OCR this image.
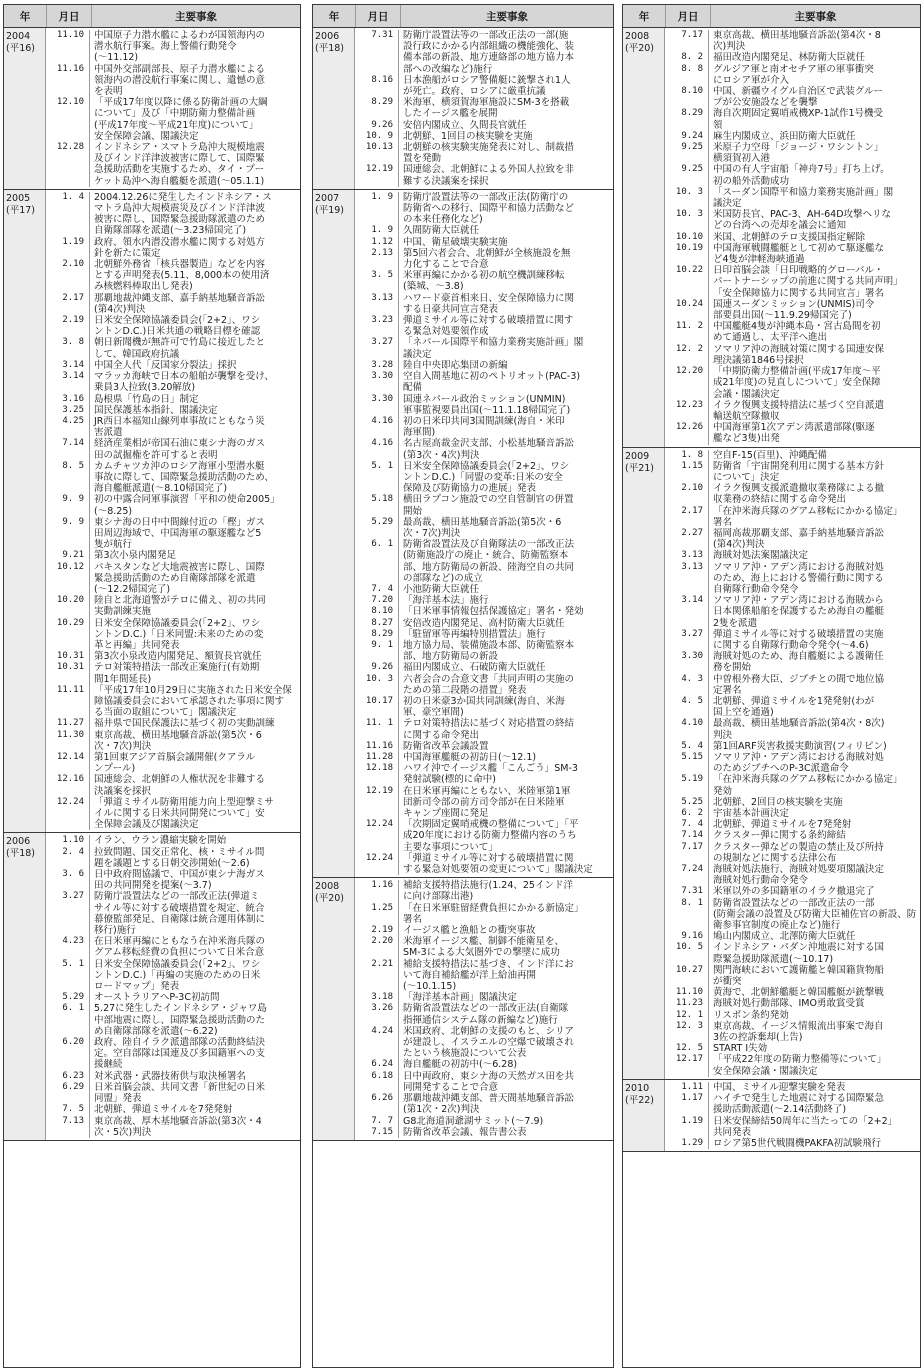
年	月日	主要事象
2004
(平16)
11.10	中国原子力潜水艦によるわが国領海内の
潜水航行事案。海上警備行動発令
(～11.12)
11.16	中国外交部副部長、原子力潜水艦による
領海内の潜没航行事案に関し、遺憾の意
を表明
12.10	「平成17年度以降に係る防衛計画の大綱
について」及び「中期防衛力整備計画
(平成17年度～平成21年度)について」
安全保障会議、閣議決定
12.28	インドネシア・スマトラ島沖大規模地震
及びインド洋津波被害に際して、国際緊
急援助活動を実施するため、タイ・プー
ケット島沖へ海自艦艇を派遣(～05.1.1)
2005
(平17)
1. 4	2004.12.26に発生したインドネシア・ス
マトラ島沖大規模震災及びインド洋津波
被害に際し、国際緊急援助隊派遣のため
自衛隊部隊を派遣(～3.23帰国完了)
1.19	政府、領水内潜没潜水艦に関する対処方
針を新たに策定
2.10	北朝鮮外務省「核兵器製造」などを内容
とする声明発表(5.11、8,000本の使用済
み核燃料棒取出し発表)
2.17	那覇地裁沖縄支部、嘉手納基地騒音訴訟
(第4次)判決
2.19	日米安全保障協議委員会(「2+2」、ワシ
ントンD.C.)日米共通の戦略目標を確認
3. 8	朝日新聞機が無許可で竹島に接近したと
して、韓国政府抗議
3.14	中国全人代「反国家分裂法」採択
3.14	マラッカ海峡で日本の船舶が襲撃を受け、
乗員3人拉致(3.20解放)
3.16	島根県「竹島の日」制定
3.25	国民保護基本指針、閣議決定
4.25	JR西日本福知山線列車事故にともなう災
害派遣
7.14	経済産業相が帝国石油に東シナ海のガス
田の試掘権を許可すると表明
8. 5	カムチャツカ沖のロシア海軍小型潜水艇
事故に際して、国際緊急援助活動のため、
海自艦艇派遣(～8.10帰国完了)
9. 9	初の中露合同軍事演習「平和の使命2005」
(～8.25)
9. 9	東シナ海の日中中間線付近の「樫」ガス
田周辺海域で、中国海軍の駆逐艦など5
隻が航行
9.21	第3次小泉内閣発足
10.12	パキスタンなど大地震被害に際し、国際
緊急援助活動のため自衛隊部隊を派遣
(～12.2帰国完了)
10.20	陸自と北海道警がテロに備え、初の共同
実動訓練実施
10.29	日米安全保障協議委員会(「2+2」、ワシ
ントンD.C.)「日米同盟:未来のための変
革と再編」共同発表
10.31	第3次小泉改造内閣発足、額賀長官就任
10.31	テロ対策特措法一部改正案施行(有効期
間1年間延長)
11.11	「平成17年10月29日に実施された日米安全保
障協議委員会において承認された事項に関す
る当面の取組について」閣議決定
11.27	福井県で国民保護法に基づく初の実動訓練
11.30	東京高裁、横田基地騒音訴訟(第5次・6
次・7次)判決
12.14	第1回東アジア首脳会議開催(クアラル
ンプール)
12.16	国連総会、北朝鮮の人権状況を非難する
決議案を採択
12.24	「弾道ミサイル防衛用能力向上型迎撃ミサ
イルに関する日米共同開発について」安
全保障会議及び閣議決定
2006
(平18)
1.10	イラン、ウラン濃縮実験を開始
2. 4	拉致問題、国交正常化、核・ミサイル問
題を議題とする日朝交渉開始(～2.6)
3. 6	日中政府間協議で、中国が東シナ海ガス
田の共同開発を提案(～3.7)
3.27	防衛庁設置法などの一部改正法(弾道ミ
サイル等に対する破壊措置を規定、統合
幕僚監部発足、自衛隊は統合運用体制に
移行)施行
4.23	在日米軍再編にともなう在沖米海兵隊の
グアム移転経費の負担について日米合意
5. 1	日米安全保障協議委員会(「2+2」、ワシ
ントンD.C.)「再編の実施のための日米
ロードマップ」発表
5.29	オーストラリアへP-3C初訪問
6. 1	5.27に発生したインドネシア・ジャワ島
中部地震に際し、国際緊急援助活動のた
め自衛隊部隊を派遣(～6.22)
6.20	政府、陸自イラク派遣部隊の活動終結決
定。空自部隊は国連及び多国籍軍への支
援継続
6.23	対米武器・武器技術供与取決極署名
6.29	日米首脳会談、共同文書「新世紀の日米
同盟」発表
7. 5	北朝鮮、弾道ミサイルを7発発射
7.13	東京高裁、厚木基地騒音訴訟(第3次・4
次・5次)判決
年	月日	主要事象
2006
(平18)
7.31	防衛庁設置法等の一部改正法の一部(施
設行政にかかる内部組織の機能強化、装
備本部の新設、地方連絡部の地方協力本
部への改編など)施行
8.16	日本漁船がロシア警備艇に銃撃され1人
が死亡。政府、ロシアに厳重抗議
8.29	米海軍、横須賀海軍施設にSM-3を搭載
したイージス艦を展開
9.26	安倍内閣成立、久間長官就任
10. 9	北朝鮮、1回目の核実験を実施
10.13	北朝鮮の核実験実施発表に対し、制裁措
置を発動
12.19	国連総会、北朝鮮による外国人拉致を非
難する決議案を採択
2007
(平19)
1. 9	防衛庁設置法等の一部改正法(防衛庁の
防衛省への移行、国際平和協力活動など
の本来任務化など)
1. 9	久間防衛大臣就任
1.12	中国、衛星破壊実験実施
2.13	第5回六者会合、北朝鮮が全核施設を無
力化することで合意
3. 5	米軍再編にかかる初の航空機訓練移転
(築城、～3.8)
3.13	ハワード豪首相来日、安全保障協力に関
する日豪共同宣言発表
3.23	弾道ミサイル等に対する破壊措置に関す
る緊急対処要領作成
3.27	「ネパール国際平和協力業務実施計画」閣
議決定
3.28	陸自中央即応集団の新編
3.30	空自入間基地に初のペトリオット(PAC-3)
配備
3.30	国連ネパール政治ミッション(UNMIN)
軍事監視要員出国(～11.1.18帰国完了)
4.16	初の日米印共同3国間訓練(海自・米印
海軍間)
4.16	名古屋高裁金沢支部、小松基地騒音訴訟
(第3次・4次)判決
5. 1	日米安全保障協議委員会(「2+2」、ワシ
ントンD.C.)「同盟の変革:日米の安全
保障及び防衛協力の進展」発表
5.18	横田ラプコン施設での空自管制官の併置
開始
5.29	最高裁、横田基地騒音訴訟(第5次・6
次・7次)判決
6. 1	防衛省設置法及び自衛隊法の一部改正法
(防衛施設庁の廃止・統合、防衛監察本
部、地方防衛局の新設、陸海空自の共同
の部隊など)の成立
7. 4	小池防衛大臣就任
7.20	「海洋基本法」施行
8.10	「日米軍事情報包括保護協定」署名・発効
8.27	安倍改造内閣発足、高村防衛大臣就任
8.29	「駐留軍等再編特別措置法」施行
9. 1	地方協力局、装備施設本部、防衛監察本
部、地方防衛局の新設
9.26	福田内閣成立、石破防衛大臣就任
10. 3	六者会合の合意文書「共同声明の実施の
ための第二段階の措置」発表
10.17	初の日米豪3か国共同訓練(海自、米海
軍、豪空軍間)
11. 1	テロ対策特措法に基づく対応措置の終結
に関する命令発出
11.16	防衛省改革会議設置
11.28	中国海軍艦艇の初訪日(～12.1)
12.18	ハワイ沖でイージス艦「こんごう」SM-3
発射試験(標的に命中)
12.19	在日米軍再編にともない、米陸軍第1軍
団新司令部の前方司令部が在日米陸軍
キャンプ座間に発足
12.24	「次期固定翼哨戒機の整備について」「平
成20年度における防衛力整備内容のうち
主要な事項について」
12.24	「弾道ミサイル等に対する破壊措置に関
する緊急対処要領の変更について」閣議決定
2008
(平20)
1.16	補給支援特措法施行(1.24、25インド洋
に向け部隊出港)
1.25	「在日米軍駐留経費負担にかかる新協定」
署名
2.19	イージス艦と漁船との衝突事故
2.20	米海軍イージス艦、制御不能衛星を、
SM-3による大気圏外での撃墜に成功
2.21	補給支援特措法に基づき、インド洋にお
いて海自補給艦が洋上給油再開
(～10.1.15)
3.18	「海洋基本計画」閣議決定
3.26	防衛省設置法などの一部改正法(自衛隊
指揮通信システム隊の新編など)施行
4.24	米国政府、北朝鮮の支援のもと、シリア
が建設し、イスラエルの空爆で破壊され
たという核施設について公表
6.24	海自艦艇の初訪中(～6.28)
6.18	日中両政府、東シナ海の天然ガス田を共
同開発することで合意
6.26	那覇地裁沖縄支部、普天間基地騒音訴訟
(第1次・2次)判決
7. 7	G8北海道洞爺湖サミット(～7.9)
7.15	防衛省改革会議、報告書公表
年	月日	主要事象
2008
(平20)
7.17	東京高裁、横田基地騒音訴訟(第4次・8
次)判決
8. 2	福田改造内閣発足、林防衛大臣就任
8. 8	グルジア軍と南オセチア軍の軍事衝突
にロシア軍が介入
8.10	中国、新疆ウイグル自治区で武装グルー
プが公安施設などを襲撃
8.29	海自次期固定翼哨戒機XP-1試作1号機受
領
9.24	麻生内閣成立、浜田防衛大臣就任
9.25	米原子力空母「ジョージ・ワシントン」
横須賀初入港
9.25	中国の有人宇宙船「神舟7号」打ち上げ。
初の船外活動成功
10. 3	「スーダン国際平和協力業務実施計画」閣
議決定
10. 3	米国防長官、PAC-3、AH-64D攻撃ヘリな
どの台湾への売却を議会に通知
10.10	米国、北朝鮮のテロ支援国指定解除
10.19	中国海軍戦闘艦艇として初めて駆逐艦な
ど4隻が津軽海峡通過
10.22	日印首脳会談「日印戦略的グローバル・
パートナーシップの前進に関する共同声明」
「安全保障協力に関する共同宣言」署名
10.24	国連スーダンミッション(UNMIS)司令
部要員出国(～11.9.29帰国完了)
11. 2	中国艦艇4隻が沖縄本島・宮古島間を初
めて通過し、太平洋へ進出
12. 2	ソマリア沖の海賊対策に関する国連安保
理決議第1846号採択
12.20	「中期防衛力整備計画(平成17年度～平
成21年度)の見直しについて」安全保障
会議・閣議決定
12.23	イラク復興支援特措法に基づく空自派遣
輸送航空隊撤収
12.26	中国海軍第1次アデン湾派遣部隊(駆逐
艦など3隻)出発
2009
(平21)
1. 8	空自F-15(百里)、沖縄配備
1.15	防衛省「宇宙開発利用に関する基本方針
について」決定
2.10	イラク復興支援派遣撤収業務隊による撤
収業務の終結に関する命令発出
2.17	「在沖米海兵隊のグアム移転にかかる協定」
署名
2.27	福岡高裁那覇支部、嘉手納基地騒音訴訟
(第4次)判決
3.13	海賊対処法案閣議決定
3.13	ソマリア沖・アデン湾における海賊対処
のため、海上における警備行動に関する
自衛隊行動命令発令
3.14	ソマリア沖・アデン湾における海賊から
日本関係船舶を保護するため海自の艦艇
2隻を派遣
3.27	弾道ミサイル等に対する破壊措置の実施
に関する自衛隊行動命令発令(～4.6)
3.30	海賊対処のため、海自艦艇による護衛任
務を開始
4. 3	中曽根外務大臣、ジブチとの間で地位協
定署名
4. 5	北朝鮮、弾道ミサイルを1発発射(わが
国上空を通過)
4.10	最高裁、横田基地騒音訴訟(第4次・8次)
判決
5. 4	第1回ARF災害救援実動演習(フィリピン)
5.15	ソマリア沖・アデン湾における海賊対処
のためジブチへのP-3C派遣命令
5.19	「在沖米海兵隊のグアム移転にかかる協定」
発効
5.25	北朝鮮、2回目の核実験を実施
6. 2	宇宙基本計画決定
7. 4	北朝鮮、弾道ミサイルを7発発射
7.14	クラスター弾に関する条約締結
7.17	クラスター弾などの製造の禁止及び所持
の規制などに関する法律公布
7.24	海賊対処法施行、海賊対処要項閣議決定
海賊対処行動命令発令
7.31	米軍以外の多国籍軍のイラク撤退完了
8. 1	防衛省設置法などの一部改正法の一部
(防衛会議の設置及び防衛大臣補佐官の新設、防
衛参事官制度の廃止など)施行
9.16	鳩山内閣成立、北澤防衛大臣就任
10. 5	インドネシア・パダン沖地震に対する国
際緊急援助隊派遣(～10.17)
10.27	関門海峡において護衛艦と韓国籍貨物船
が衝突
11.10	黄海で、北朝鮮艦艇と韓国艦艇が銃撃戦
11.23	海賊対処行動部隊、IMO勇敢賞受賞
12. 1	リスボン条約発効
12. 3	東京高裁、イージス情報流出事案で海自
3佐の控訴棄却(上告)
12. 5	START I失効
12.17	「平成22年度の防衛力整備等について」
安全保障会議・閣議決定
2010
(平22)
1.11	中国、ミサイル迎撃実験を発表
1.17	ハイチで発生した地震に対する国際緊急
援助活動派遣(～2.14活動終了)
1.19	日米安保締結50周年に当たっての「2+2」
共同発表
1.29	ロシア第5世代戦闘機PAKFA初試験飛行
